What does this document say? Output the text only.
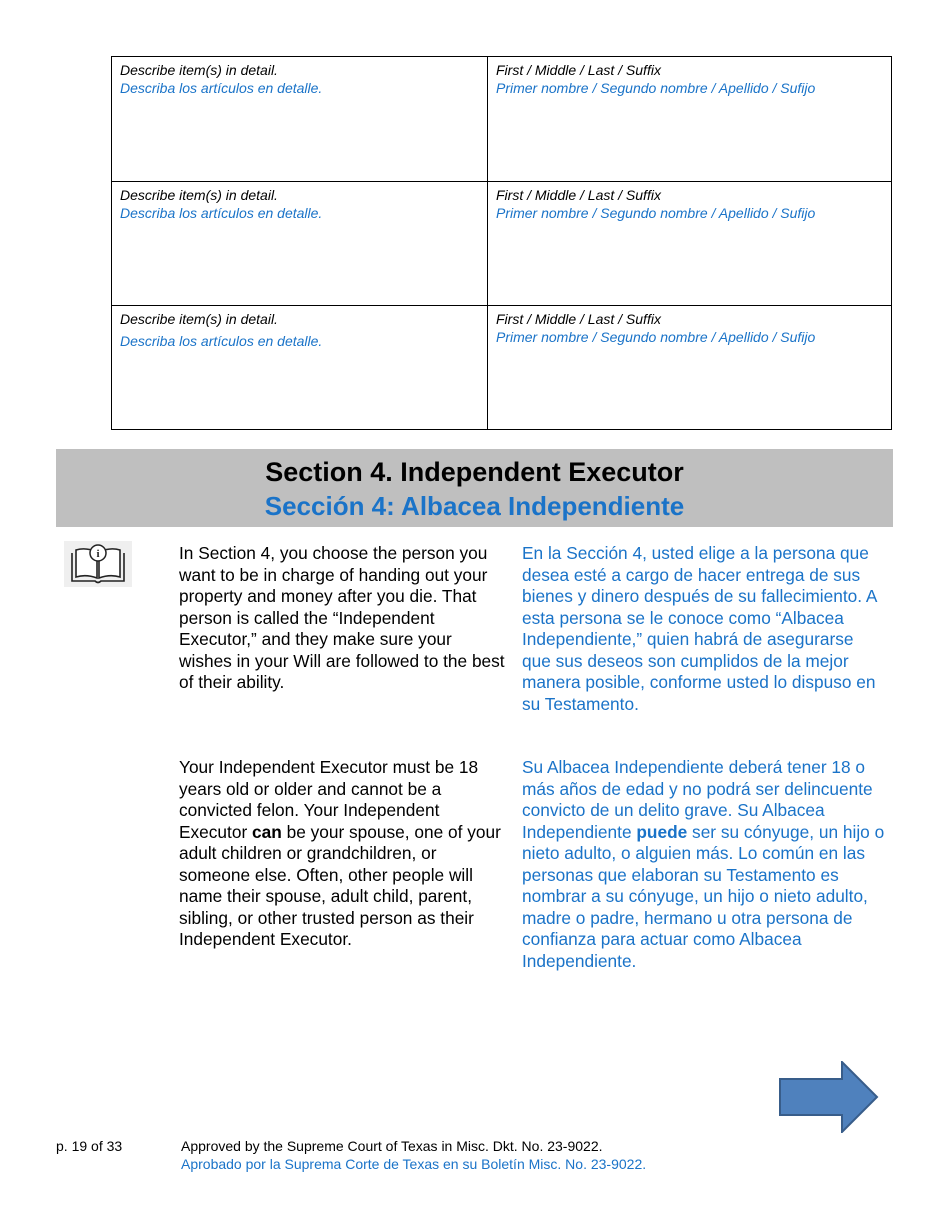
Describe item(s) in detail.
Describa los artículos en detalle.
First / Middle / Last / Suffix
Primer nombre / Segundo nombre / Apellido / Sufijo
Describe item(s) in detail.
Describa los artículos en detalle.
First / Middle / Last / Suffix
Primer nombre / Segundo nombre / Apellido / Sufijo
Describe item(s) in detail.
Describa los artículos en detalle.
First / Middle / Last / Suffix
Primer nombre / Segundo nombre / Apellido / Sufijo
Section 4. Independent Executor
Sección 4: Albacea Independiente
i	In Section 4, you choose the person you want to be in charge of handing out your property and money after you die. That person is called the “Independent Executor,” and they make sure your wishes in your Will are followed to the best of their ability.
En la Sección 4, usted elige a la persona que desea esté a cargo de hacer entrega de sus bienes y dinero después de su fallecimiento. A esta persona se le conoce como “Albacea Independiente,” quien habrá de asegurarse que sus deseos son cumplidos de la mejor manera posible, conforme usted lo dispuso en su Testamento.
Your Independent Executor must be 18 years old or older and cannot be a convicted felon. Your Independent Executor can be your spouse, one of your adult children or grandchildren, or someone else. Often, other people will name their spouse, adult child, parent, sibling, or other trusted person as their Independent Executor.
Su Albacea Independiente deberá tener 18 o más años de edad y no podrá ser delincuente convicto de un delito grave. Su Albacea Independiente puede ser su cónyuge, un hijo o nieto adulto, o alguien más. Lo común en las personas que elaboran su Testamento es nombrar a su cónyuge, un hijo o nieto adulto, madre o padre, hermano u otra persona de confianza para actuar como Albacea Independiente.
p. 19 of 33	Approved by the Supreme Court of Texas in Misc. Dkt. No. 23-9022.
Aprobado por la Suprema Corte de Texas en su Boletín Misc. No. 23-9022.
